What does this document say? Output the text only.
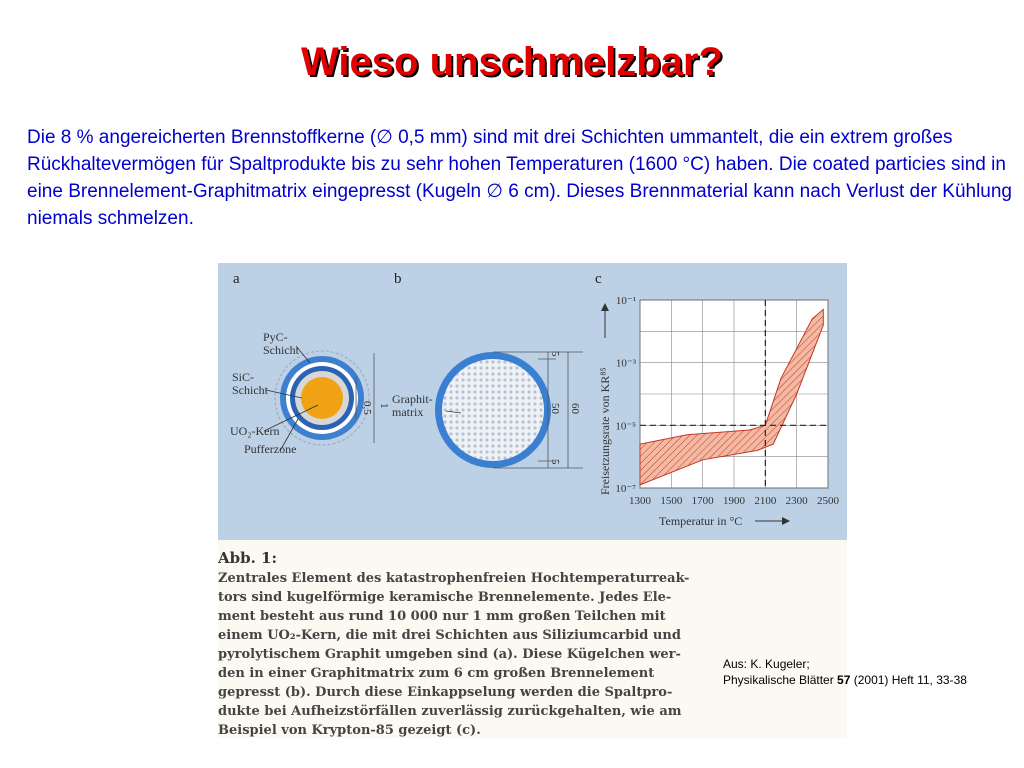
Wieso unschmelzbar?
Die 8 % angereicherten Brennstoffkerne (∅ 0,5 mm) sind mit drei Schichten ummantelt, die ein extrem großes Rückhaltevermögen für Spaltprodukte bis zu sehr hohen Temperaturen (1600 °C) haben. Die coated particies sind in eine Brennelement-Graphitmatrix eingepresst (Kugeln ∅ 6 cm). Dieses Brennmaterial kann nach Verlust der Kühlung niemals schmelzen.
a	b	c
PyC-
Schicht
SiC-
Schicht
UO₂-Kern
Pufferzone
0,5 1 Graphit-
matrix
5
50 60
5
10⁻¹
10⁻³
10⁻⁵
10⁻⁷
1300 1500 1700 1900 2100 2300 2500
Freisetzungsrate von KR⁸⁵
Temperatur in °C
Abb. 1:
Zentrales Element des katastrophenfreien Hochtemperaturreak-
tors sind kugelförmige keramische Brennelemente. Jedes Ele-
ment besteht aus rund 10 000 nur 1 mm großen Teilchen mit
einem UO₂-Kern, die mit drei Schichten aus Siliziumcarbid und
pyrolytischem Graphit umgeben sind (a). Diese Kügelchen wer-
den in einer Graphitmatrix zum 6 cm großen Brennelement
gepresst (b). Durch diese Einkappselung werden die Spaltpro-
dukte bei Aufheizstörfällen zuverlässig zurückgehalten, wie am
Beispiel von Krypton-85 gezeigt (c).
Aus: K. Kugeler;
Physikalische Blätter 57 (2001) Heft 11, 33-38
